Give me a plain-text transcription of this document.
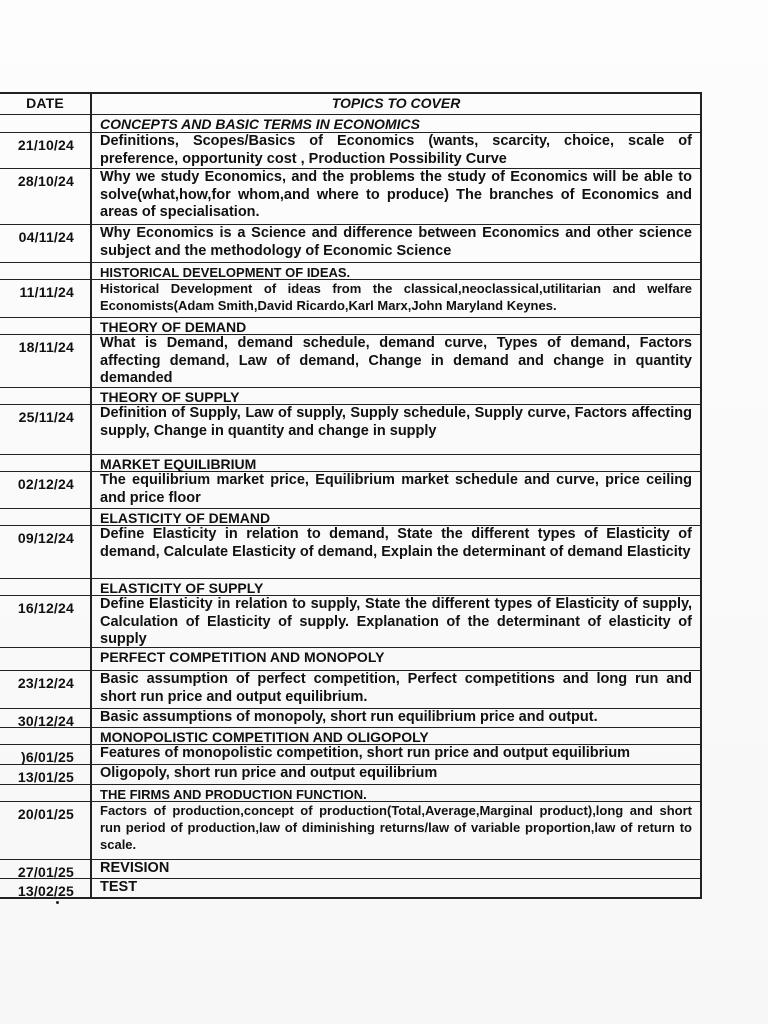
DATE	TOPICS TO COVER
CONCEPTS AND BASIC TERMS IN ECONOMICS
21/10/24	Definitions, Scopes/Basics of Economics (wants, scarcity, choice, scale of preference, opportunity cost , Production Possibility Curve
28/10/24	Why we study Economics, and the problems the study of Economics will be able to solve(what,how,for whom,and where to produce) The branches of Economics and areas of specialisation.
04/11/24	Why Economics is a Science and difference between Economics and other science subject and the methodology of Economic Science
HISTORICAL DEVELOPMENT OF IDEAS.
11/11/24	Historical Development of ideas from the classical,neoclassical,utilitarian and welfare Economists(Adam Smith,David Ricardo,Karl Marx,John Maryland Keynes.
THEORY OF DEMAND
18/11/24	What is Demand, demand schedule, demand curve, Types of demand, Factors affecting demand, Law of demand, Change in demand and change in quantity demanded
THEORY OF SUPPLY
25/11/24	Definition of Supply, Law of supply, Supply schedule, Supply curve, Factors affecting supply, Change in quantity and change in supply
MARKET EQUILIBRIUM
02/12/24	The equilibrium market price, Equilibrium market schedule and curve, price ceiling and price floor
ELASTICITY OF DEMAND
09/12/24	Define Elasticity in relation to demand, State the different types of Elasticity of demand, Calculate Elasticity of demand, Explain the determinant of demand Elasticity
ELASTICITY OF SUPPLY
16/12/24	Define Elasticity in relation to supply, State the different types of Elasticity of supply, Calculation of Elasticity of supply. Explanation of the determinant of elasticity of supply
PERFECT COMPETITION AND MONOPOLY
23/12/24	Basic assumption of perfect competition, Perfect competitions and long run and short run price and output equilibrium.
30/12/24	Basic assumptions of monopoly, short run equilibrium price and output.
MONOPOLISTIC COMPETITION AND OLIGOPOLY
)6/01/25	Features of monopolistic competition, short run price and output equilibrium
13/01/25	Oligopoly, short run price and output equilibrium
THE FIRMS AND PRODUCTION FUNCTION.
20/01/25	Factors of production,concept of production(Total,Average,Marginal product),long and short run period of production,law of diminishing returns/law of variable proportion,law of return to scale.
27/01/25	REVISION
13/02/25	TEST
